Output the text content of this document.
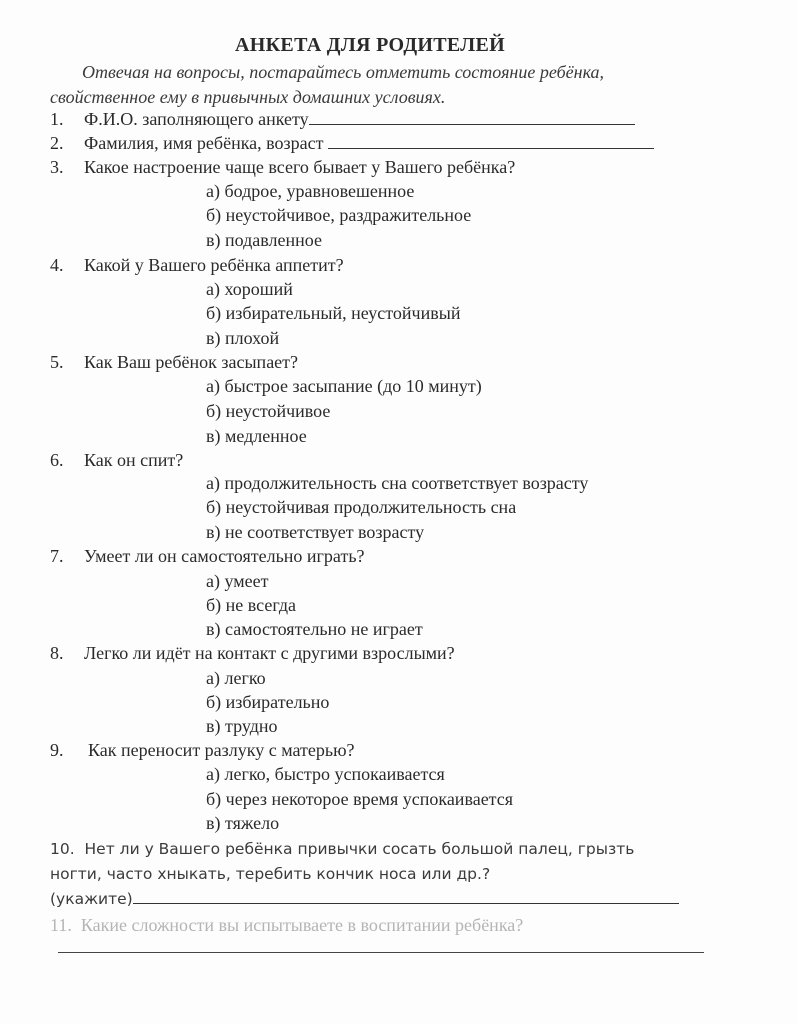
АНКЕТА ДЛЯ РОДИТЕЛЕЙ
Отвечая на вопросы, постарайтесь отметить состояние ребёнка,
свойственное ему в привычных домашних условиях.
1. Ф.И.О. заполняющего анкету
2. Фамилия, имя ребёнка, возраст
3. Какое настроение чаще всего бывает у Вашего ребёнка?
а) бодрое, уравновешенное
б) неустойчивое, раздражительное
в) подавленное
4. Какой у Вашего ребёнка аппетит?
а) хороший
б) избирательный, неустойчивый
в) плохой
5. Как Ваш ребёнок засыпает?
а) быстрое засыпание (до 10 минут)
б) неустойчивое
в) медленное
6. Как он спит?
а) продолжительность сна соответствует возрасту
б) неустойчивая продолжительность сна
в) не соответствует возрасту
7. Умеет ли он самостоятельно играть?
а) умеет
б) не всегда
в) самостоятельно не играет
8. Легко ли идёт на контакт с другими взрослыми?
а) легко
б) избирательно
в) трудно
9. Как переносит разлуку с матерью?
а) легко, быстро успокаивается
б) через некоторое время успокаивается
в) тяжело
10. Нет ли у Вашего ребёнка привычки сосать большой палец, грызть
ногти, часто хныкать, теребить кончик носа или др.?
(укажите)
11. Какие сложности вы испытываете в воспитании ребёнка?
